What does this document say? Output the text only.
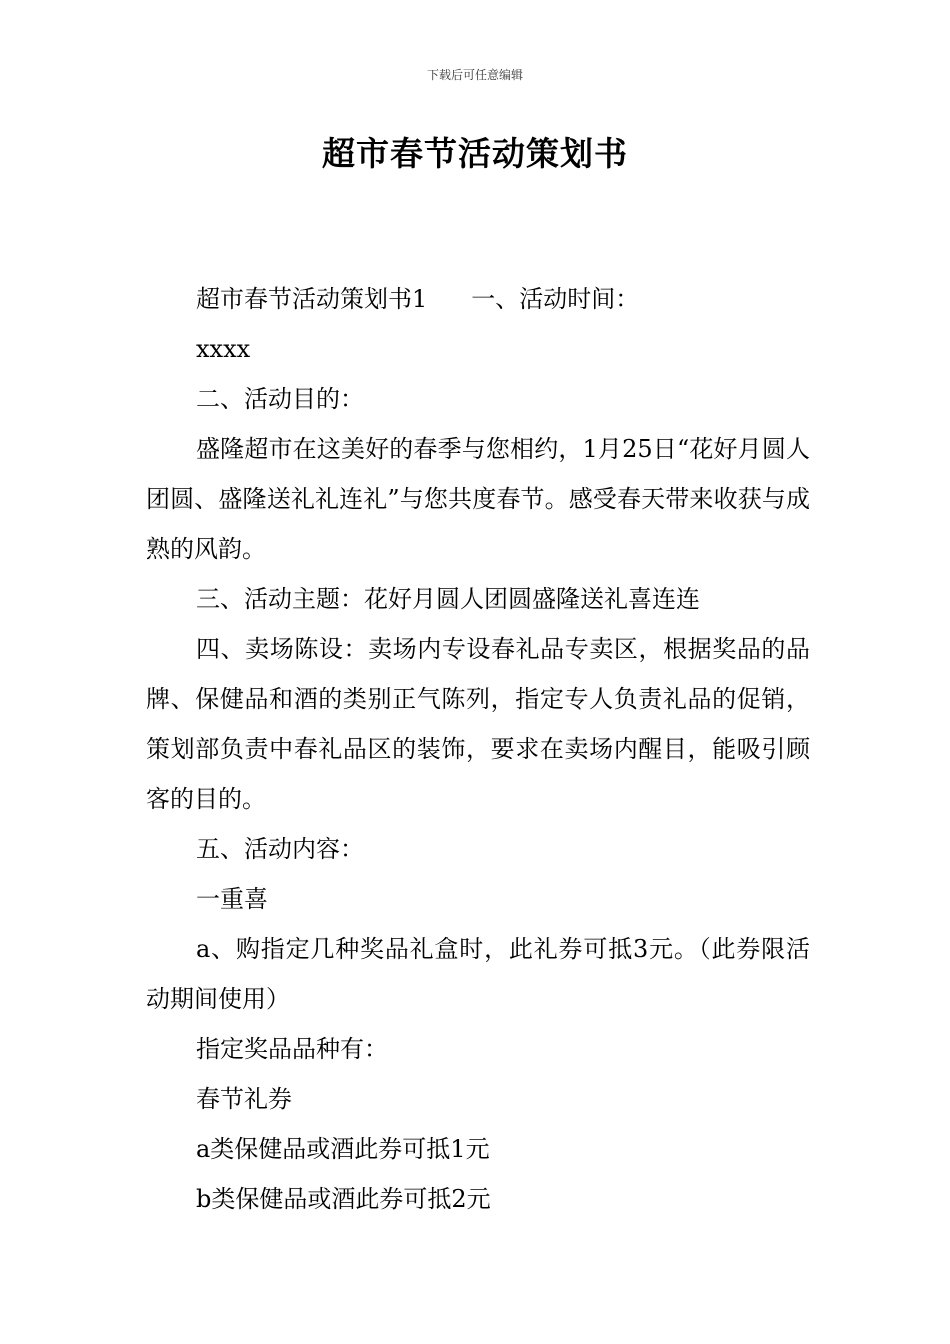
下载后可任意编辑
超市春节活动策划书

超市春节活动策划书1 一、活动时间：

xxxx

二、活动目的：

盛隆超市在这美好的春季与您相约，1月25日“花好月圆人团圆、盛隆送礼礼连礼”与您共度春节。感受春天带来收获与成熟的风韵。

三、活动主题：花好月圆人团圆盛隆送礼喜连连

四、卖场陈设：卖场内专设春礼品专卖区，根据奖品的品牌、保健品和酒的类别正气陈列，指定专人负责礼品的促销，策划部负责中春礼品区的装饰，要求在卖场内醒目，能吸引顾客的目的。

五、活动内容：

一重喜

a、购指定几种奖品礼盒时，此礼券可抵3元。（此券限活动期间使用）

指定奖品品种有：

春节礼券

a类保健品或酒此券可抵1元

b类保健品或酒此券可抵2元
